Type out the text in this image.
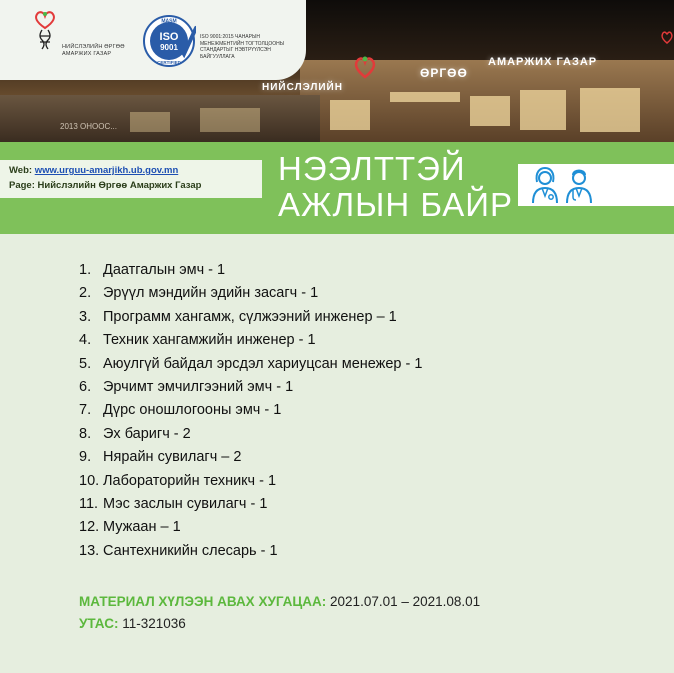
ӨРГӨӨ
АМАРЖИХ ГАЗАР
НИЙСЛЭЛИЙН
2013 ОНООС...
НИЙСЛЭЛИЙН ӨРГӨӨ
АМАРЖИХ ГАЗАР
MASM
ISO
9001
CERTIFIED
ISO 9001:2015 ЧАНАРЫН
МЕНЕЖМЕНТИЙН ТОГТОЛЦООНЫ
СТАНДАРТЫГ НЭВТРҮҮЛСЭН
БАЙГУУЛЛАГА
Web: www.urguu-amarjikh.ub.gov.mn
Page: Нийслэлийн Өргөө Амаржих Газар НЭЭЛТТЭЙ
АЖЛЫН БАЙР
1. Даатгалын эмч - 1
2. Эрүүл мэндийн эдийн засагч - 1
3. Программ хангамж, сүлжээний инженер – 1
4. Техник хангамжийн инженер - 1
5. Аюулгүй байдал эрсдэл хариуцсан менежер - 1
6. Эрчимт эмчилгээний эмч - 1
7. Дүрс оношлогооны эмч - 1
8. Эх баригч - 2
9. Нярайн сувилагч – 2
10. Лабораторийн техникч - 1
11. Мэс заслын сувилагч - 1
12. Мужаан – 1
13. Сантехникийн слесарь - 1
МАТЕРИАЛ ХҮЛЭЭН АВАХ ХУГАЦАА: 2021.07.01 – 2021.08.01
УТАС: 11-321036
